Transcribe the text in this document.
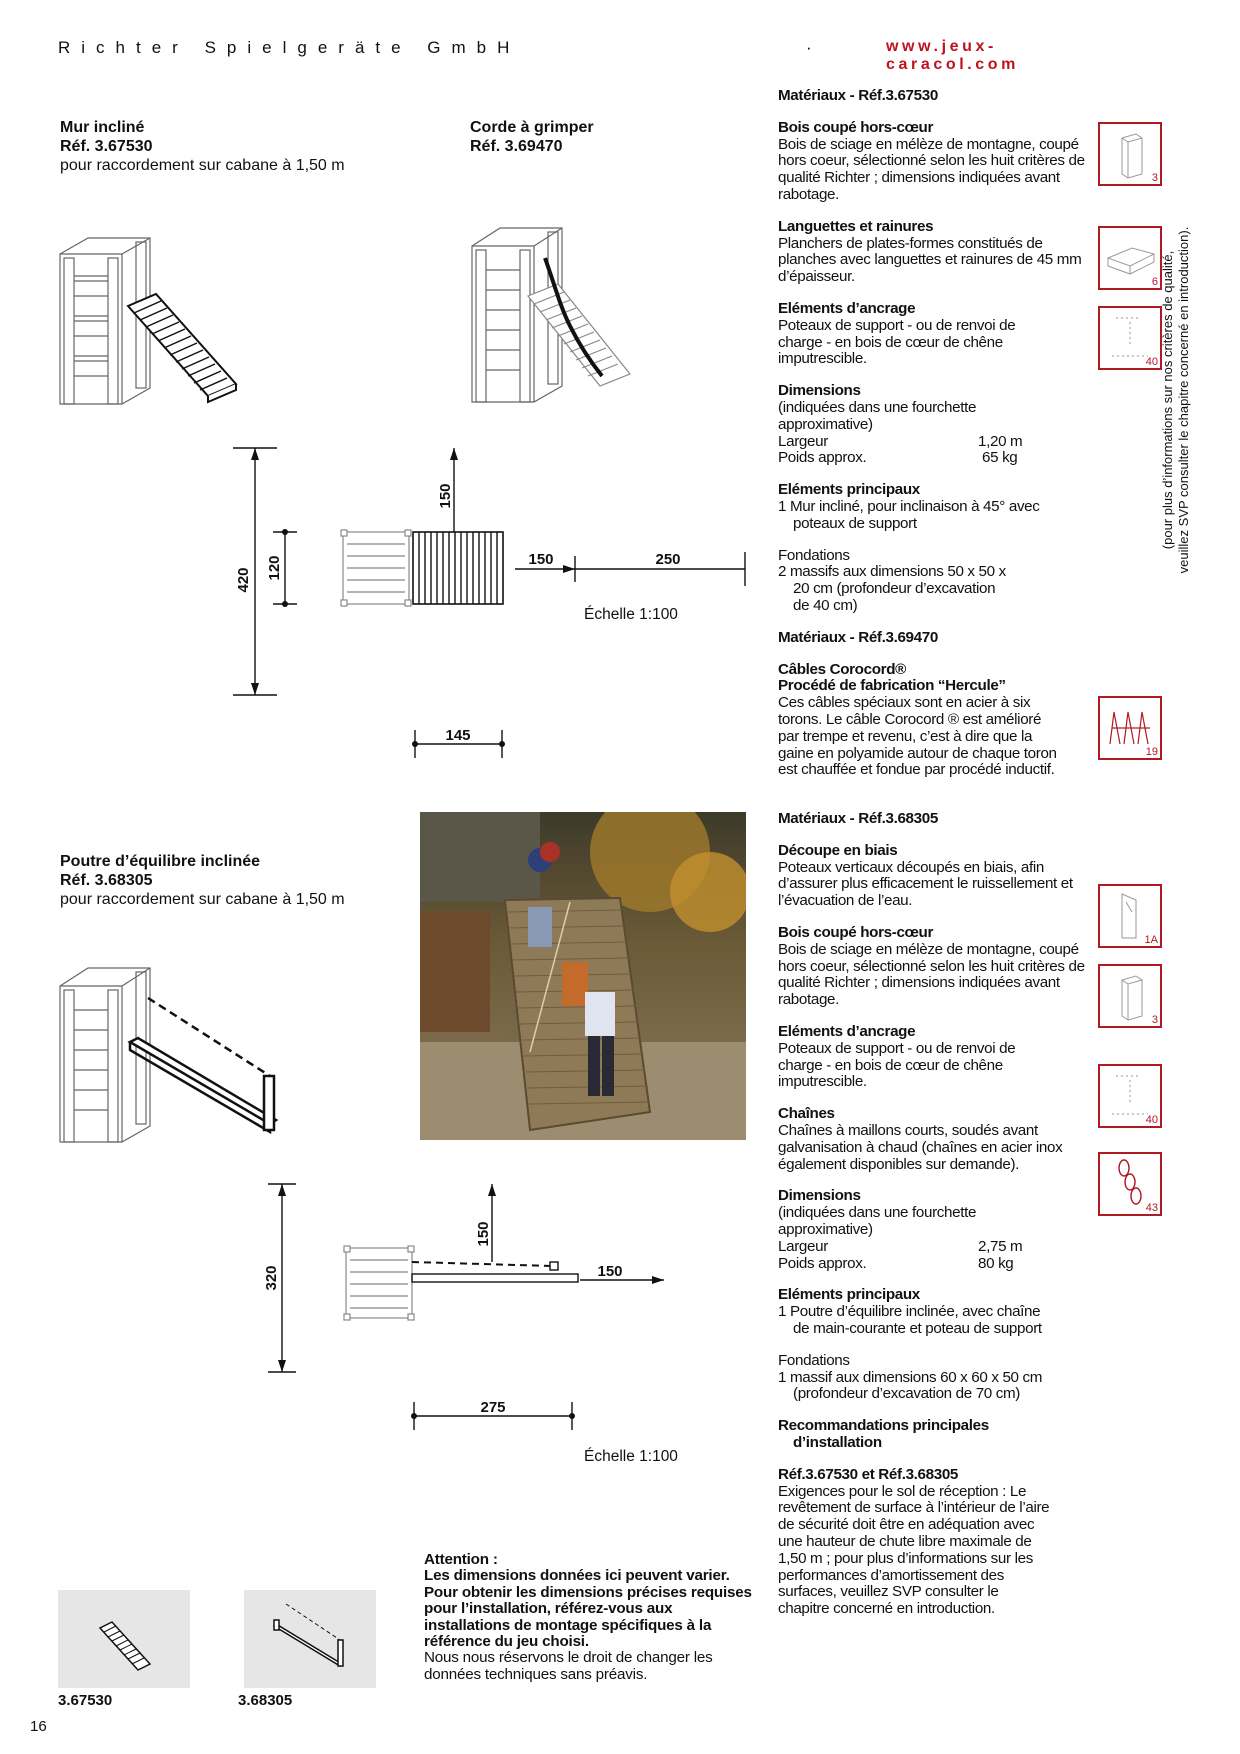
Richter Spielgeräte GmbH	·	www.jeux-caracol.com
Mur incliné
Réf. 3.67530
pour raccordement sur cabane à 1,50 m
Corde à grimper
Réf. 3.69470
Poutre d’équilibre inclinée
Réf. 3.68305
pour raccordement sur cabane à 1,50 m
420 120
150
150	250
145
Échelle 1:100
320
150
150
275
Échelle 1:100
Attention :
Les dimensions données ici peuvent varier. Pour obtenir les dimensions précises requises pour l’installation, référez-vous aux installations de montage spécifiques à la référence du jeu choisi.
Nous nous réservons le droit de changer les données techniques sans préavis.
3.67530	3.68305
16
Matériaux - Réf.3.67530
Bois coupé hors-cœur
Bois de sciage en mélèze de montagne, coupé hors coeur, sélectionné selon les huit critères de qualité Richter ; dimensions indiquées avant rabotage.
Languettes et rainures
Planchers de plates-formes constitués de planches avec languettes et rainures de 45 mm d’épaisseur.
Eléments d’ancrage
Poteaux de support - ou de renvoi de charge - en bois de cœur de chêne imputrescible.
Dimensions
(indiquées dans une fourchette approximative)
Largeur	1,20 m
Poids approx.	65 kg
Eléments principaux
1 Mur incliné, pour inclinaison à 45° avec
poteaux de support
Fondations
2 massifs aux dimensions 50 x 50 x
20 cm (profondeur d’excavation
de 40 cm)
Matériaux - Réf.3.69470
Câbles Corocord®
Procédé de fabrication “Hercule”
Ces câbles spéciaux sont en acier à six torons. Le câble Corocord ® est amélioré par trempe et revenu, c’est à dire que la gaine en polyamide autour de chaque toron est chauffée et fondue par procédé inductif.
Matériaux - Réf.3.68305
Découpe en biais
Poteaux verticaux découpés en biais, afin d’assurer plus efficacement le ruissellement et l’évacuation de l’eau.
Bois coupé hors-cœur
Bois de sciage en mélèze de montagne, coupé hors coeur, sélectionné selon les huit critères de qualité Richter ; dimensions indiquées avant rabotage.
Eléments d’ancrage
Poteaux de support - ou de renvoi de charge - en bois de cœur de chêne imputrescible.
Chaînes
Chaînes à maillons courts, soudés avant galvanisation à chaud (chaînes en acier inox également disponibles sur demande).
Dimensions
(indiquées dans une fourchette approximative)
Largeur	2,75 m
Poids approx.	80 kg
Eléments principaux
1 Poutre d’équilibre inclinée, avec chaîne
de main-courante et poteau de support
Fondations
1 massif aux dimensions 60 x 60 x 50 cm
(profondeur d’excavation de 70 cm)
Recommandations principales
d’installation
Réf.3.67530 et Réf.3.68305
Exigences pour le sol de réception : Le revêtement de surface à l’intérieur de l’aire de sécurité doit être en adéquation avec une hauteur de chute libre maximale de 1,50 m ; pour plus d’informations sur les performances d’amortissement des surfaces, veuillez SVP consulter le chapitre concerné en introduction.
3
6
40
19
1A
3
40
43
(pour plus d’informations sur nos critères de qualité, veuillez SVP consulter le chapitre concerné en introduction).
